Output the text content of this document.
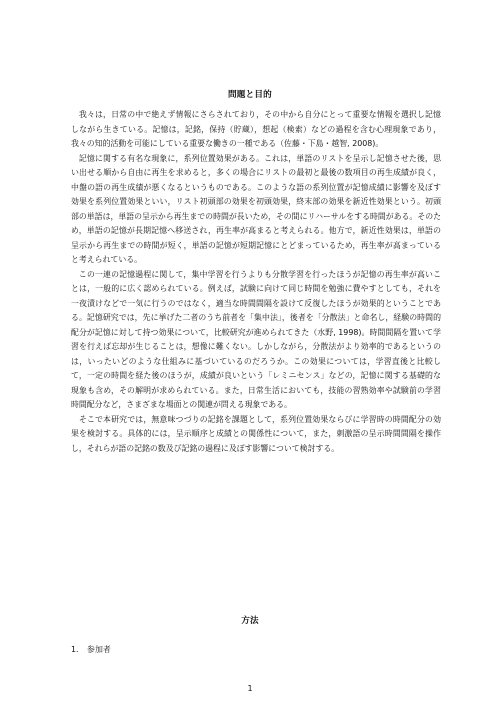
問題と目的

我々は，日常の中で絶えず情報にさらされており，その中から自分にとって重要な情報を選択し記憶しながら生きている。記憶は，記銘，保持（貯蔵），想起（検索）などの過程を含む心理現象であり，我々の知的活動を可能にしている重要な働きの一種である（佐藤・下島・越智, 2008)。

記憶に関する有名な現象に，系列位置効果がある。これは，単語のリストを呈示し記憶させた後，思い出せる順から自由に再生を求めると，多くの場合にリストの最初と最後の数項目の再生成績が良く，中盤の語の再生成績が悪くなるというものである。このような語の系列位置が記憶成績に影響を及ぼす効果を系列位置効果といい，リスト初頭部の効果を初頭効果，終末部の効果を新近性効果という。初頭部の単語は，単語の呈示から再生までの時間が長いため，その間にリハーサルをする時間がある。そのため，単語の記憶が長期記憶へ移送され，再生率が高まると考えられる。他方で，新近性効果は，単語の呈示から再生までの時間が短く，単語の記憶が短期記憶にとどまっているため，再生率が高まっていると考えられている。

この一連の記憶過程に関して，集中学習を行うよりも分散学習を行ったほうが記憶の再生率が高いことは，一般的に広く認められている。例えば，試験に向けて同じ時間を勉強に費やすとしても，それを一夜漬けなどで一気に行うのではなく，適当な時間間隔を設けて反復したほうが効果的ということである。記憶研究では，先に挙げた二者のうち前者を「集中法」，後者を「分散法」と命名し，経験の時間的配分が記憶に対して持つ効果について，比較研究が進められてきた（水野, 1998)。時間間隔を置いて学習を行えば忘却が生じることは，想像に難くない。しかしながら，分散法がより効率的であるというのは，いったいどのような仕組みに基づいているのだろうか。この効果については，学習直後と比較して，一定の時間を経た後のほうが，成績が良いという「レミニセンス」などの，記憶に関する基礎的な現象も含め，その解明が求められている。また，日常生活においても，技能の習熟効率や試験前の学習時間配分など，さまざまな場面との関連が問える現象である。

そこで本研究では，無意味つづりの記銘を課題として，系列位置効果ならびに学習時の時間配分の効果を検討する。具体的には，呈示順序と成績との関係性について，また，刺激語の呈示時間間隔を操作し，それらが語の記銘の数及び記銘の過程に及ぼす影響について検討する。

方法
1. 参加者
1
